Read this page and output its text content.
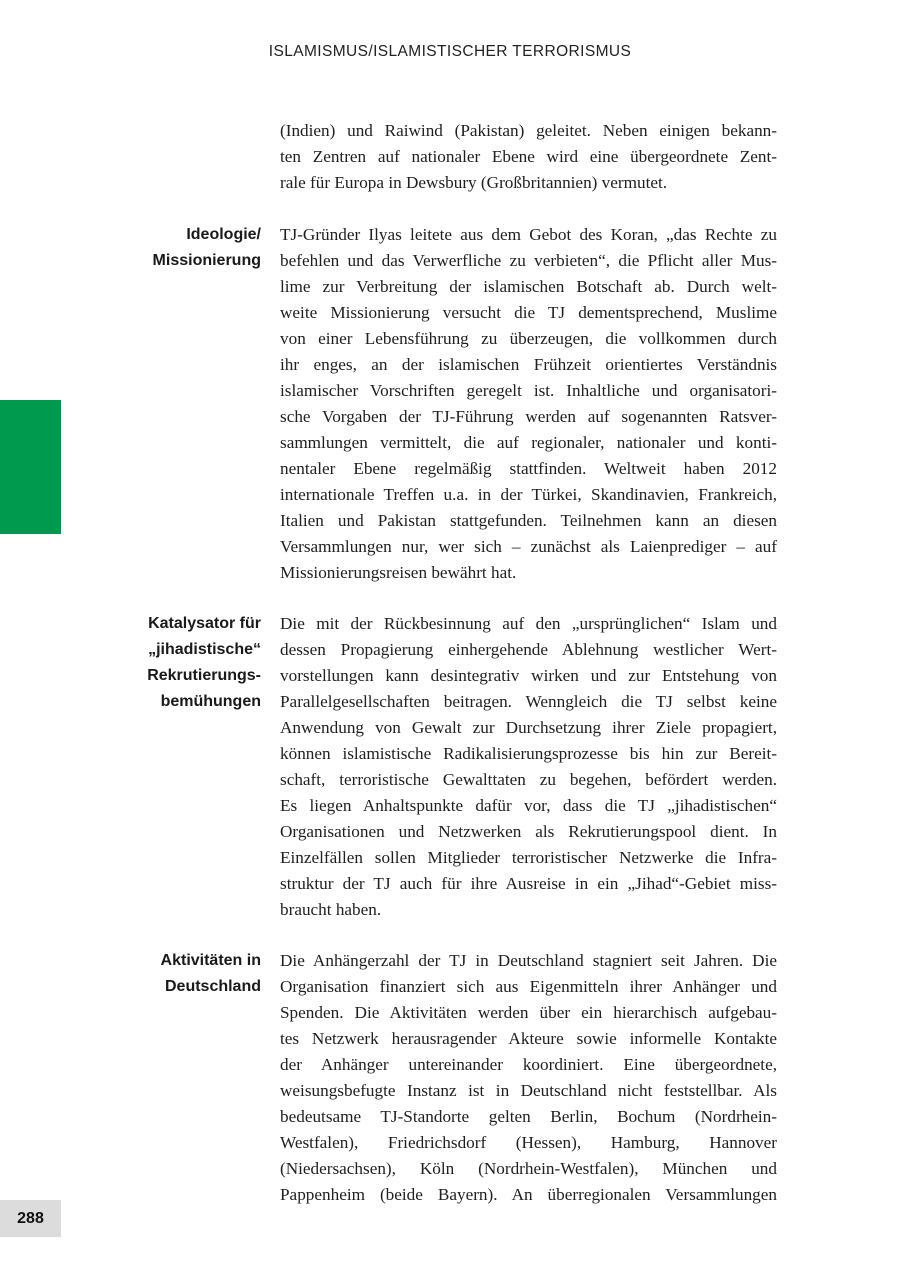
ISLAMISMUS/ISLAMISTISCHER TERRORISMUS
288
(Indien) und Raiwind (Pakistan) geleitet. Neben einigen bekann-
ten Zentren auf nationaler Ebene wird eine übergeordnete Zent-
rale für Europa in Dewsbury (Großbritannien) vermutet.
Ideologie/
Missionierung
TJ-Gründer Ilyas leitete aus dem Gebot des Koran, „das Rechte zu
befehlen und das Verwerfliche zu verbieten“, die Pflicht aller Mus-
lime zur Verbreitung der islamischen Botschaft ab. Durch welt-
weite Missionierung versucht die TJ dementsprechend, Muslime
von einer Lebensführung zu überzeugen, die vollkommen durch
ihr enges, an der islamischen Frühzeit orientiertes Verständnis
islamischer Vorschriften geregelt ist. Inhaltliche und organisatori-
sche Vorgaben der TJ-Führung werden auf sogenannten Ratsver-
sammlungen vermittelt, die auf regionaler, nationaler und konti-
nentaler Ebene regelmäßig stattfinden. Weltweit haben 2012
internationale Treffen u.a. in der Türkei, Skandinavien, Frankreich,
Italien und Pakistan stattgefunden. Teilnehmen kann an diesen
Versammlungen nur, wer sich – zunächst als Laienprediger – auf
Missionierungsreisen bewährt hat.
Katalysator für
„jihadistische“
Rekrutierungs-
bemühungen
Die mit der Rückbesinnung auf den „ursprünglichen“ Islam und
dessen Propagierung einhergehende Ablehnung westlicher Wert-
vorstellungen kann desintegrativ wirken und zur Entstehung von
Parallelgesellschaften beitragen. Wenngleich die TJ selbst keine
Anwendung von Gewalt zur Durchsetzung ihrer Ziele propagiert,
können islamistische Radikalisierungsprozesse bis hin zur Bereit-
schaft, terroristische Gewalttaten zu begehen, befördert werden.
Es liegen Anhaltspunkte dafür vor, dass die TJ „jihadistischen“
Organisationen und Netzwerken als Rekrutierungspool dient. In
Einzelfällen sollen Mitglieder terroristischer Netzwerke die Infra-
struktur der TJ auch für ihre Ausreise in ein „Jihad“-Gebiet miss-
braucht haben.
Aktivitäten in
Deutschland
Die Anhängerzahl der TJ in Deutschland stagniert seit Jahren. Die
Organisation finanziert sich aus Eigenmitteln ihrer Anhänger und
Spenden. Die Aktivitäten werden über ein hierarchisch aufgebau-
tes Netzwerk herausragender Akteure sowie informelle Kontakte
der Anhänger untereinander koordiniert. Eine übergeordnete,
weisungsbefugte Instanz ist in Deutschland nicht feststellbar. Als
bedeutsame TJ-Standorte gelten Berlin, Bochum (Nordrhein-
Westfalen), Friedrichsdorf (Hessen), Hamburg, Hannover
(Niedersachsen), Köln (Nordrhein-Westfalen), München und
Pappenheim (beide Bayern). An überregionalen Versammlungen
